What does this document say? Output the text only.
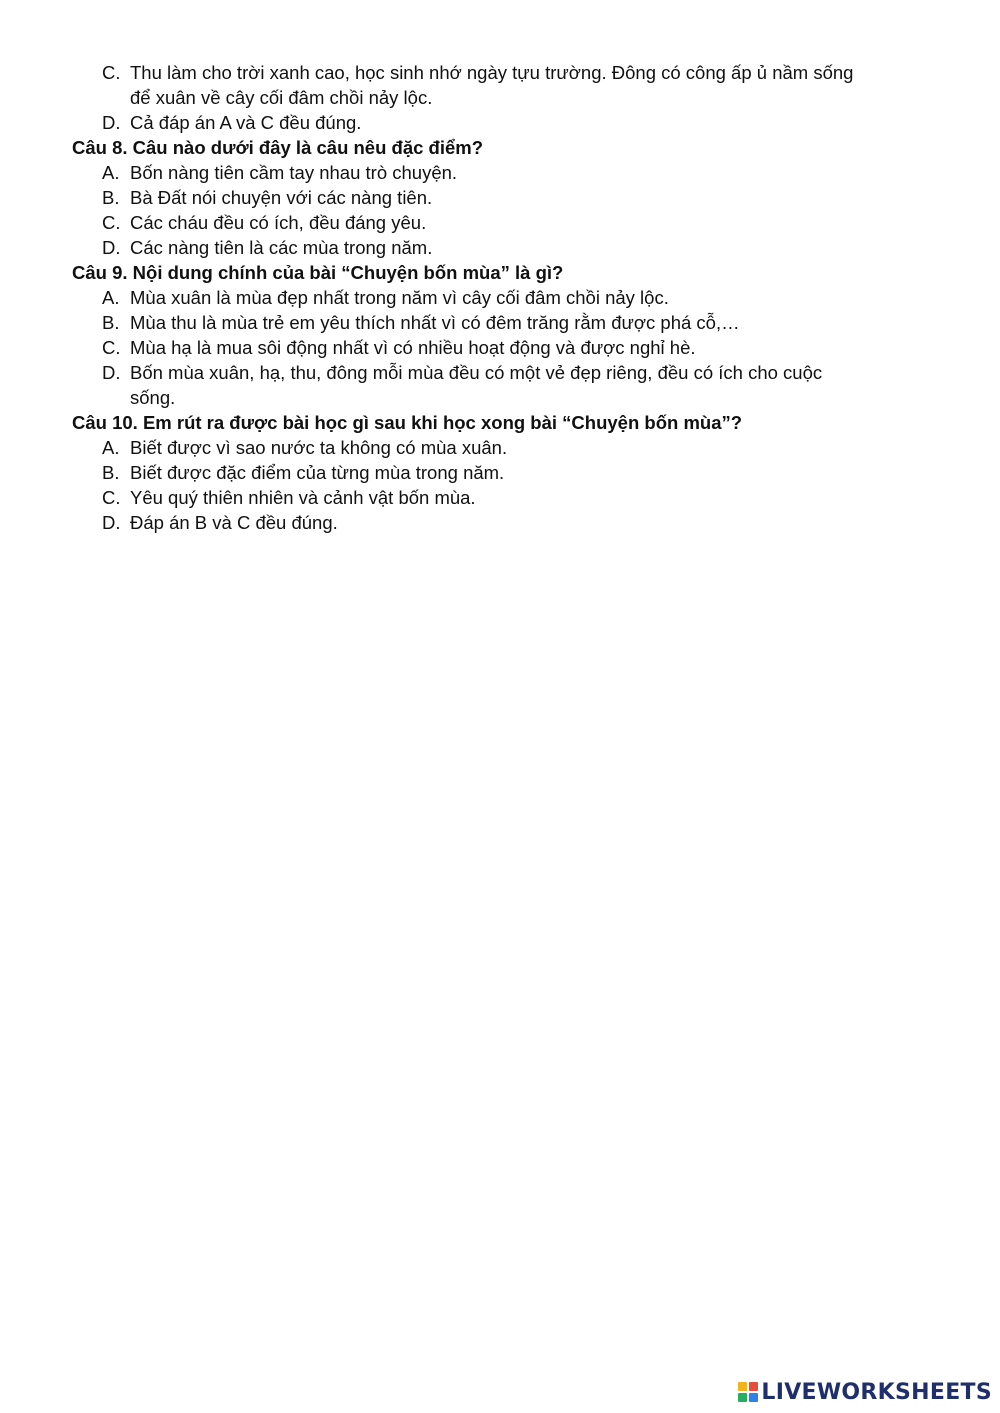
C. Thu làm cho trời xanh cao, học sinh nhớ ngày tựu trường. Đông có công ấp ủ nầm sống
để xuân về cây cối đâm chồi nảy lộc.
D. Cả đáp án A và C đều đúng.
Câu 8. Câu nào dưới đây là câu nêu đặc điểm?
A. Bốn nàng tiên cầm tay nhau trò chuyện.
B. Bà Đất nói chuyện với các nàng tiên.
C. Các cháu đều có ích, đều đáng yêu.
D. Các nàng tiên là các mùa trong năm.
Câu 9. Nội dung chính của bài “Chuyện bốn mùa” là gì?
A. Mùa xuân là mùa đẹp nhất trong năm vì cây cối đâm chồi nảy lộc.
B. Mùa thu là mùa trẻ em yêu thích nhất vì có đêm trăng rằm được phá cỗ,…
C. Mùa hạ là mua sôi động nhất vì có nhiều hoạt động và được nghỉ hè.
D. Bốn mùa xuân, hạ, thu, đông mỗi mùa đều có một vẻ đẹp riêng, đều có ích cho cuộc
sống.
Câu 10. Em rút ra được bài học gì sau khi học xong bài “Chuyện bốn mùa”?
A. Biết được vì sao nước ta không có mùa xuân.
B. Biết được đặc điểm của từng mùa trong năm.
C. Yêu quý thiên nhiên và cảnh vật bốn mùa.
D. Đáp án B và C đều đúng.
LIVEWORKSHEETS
